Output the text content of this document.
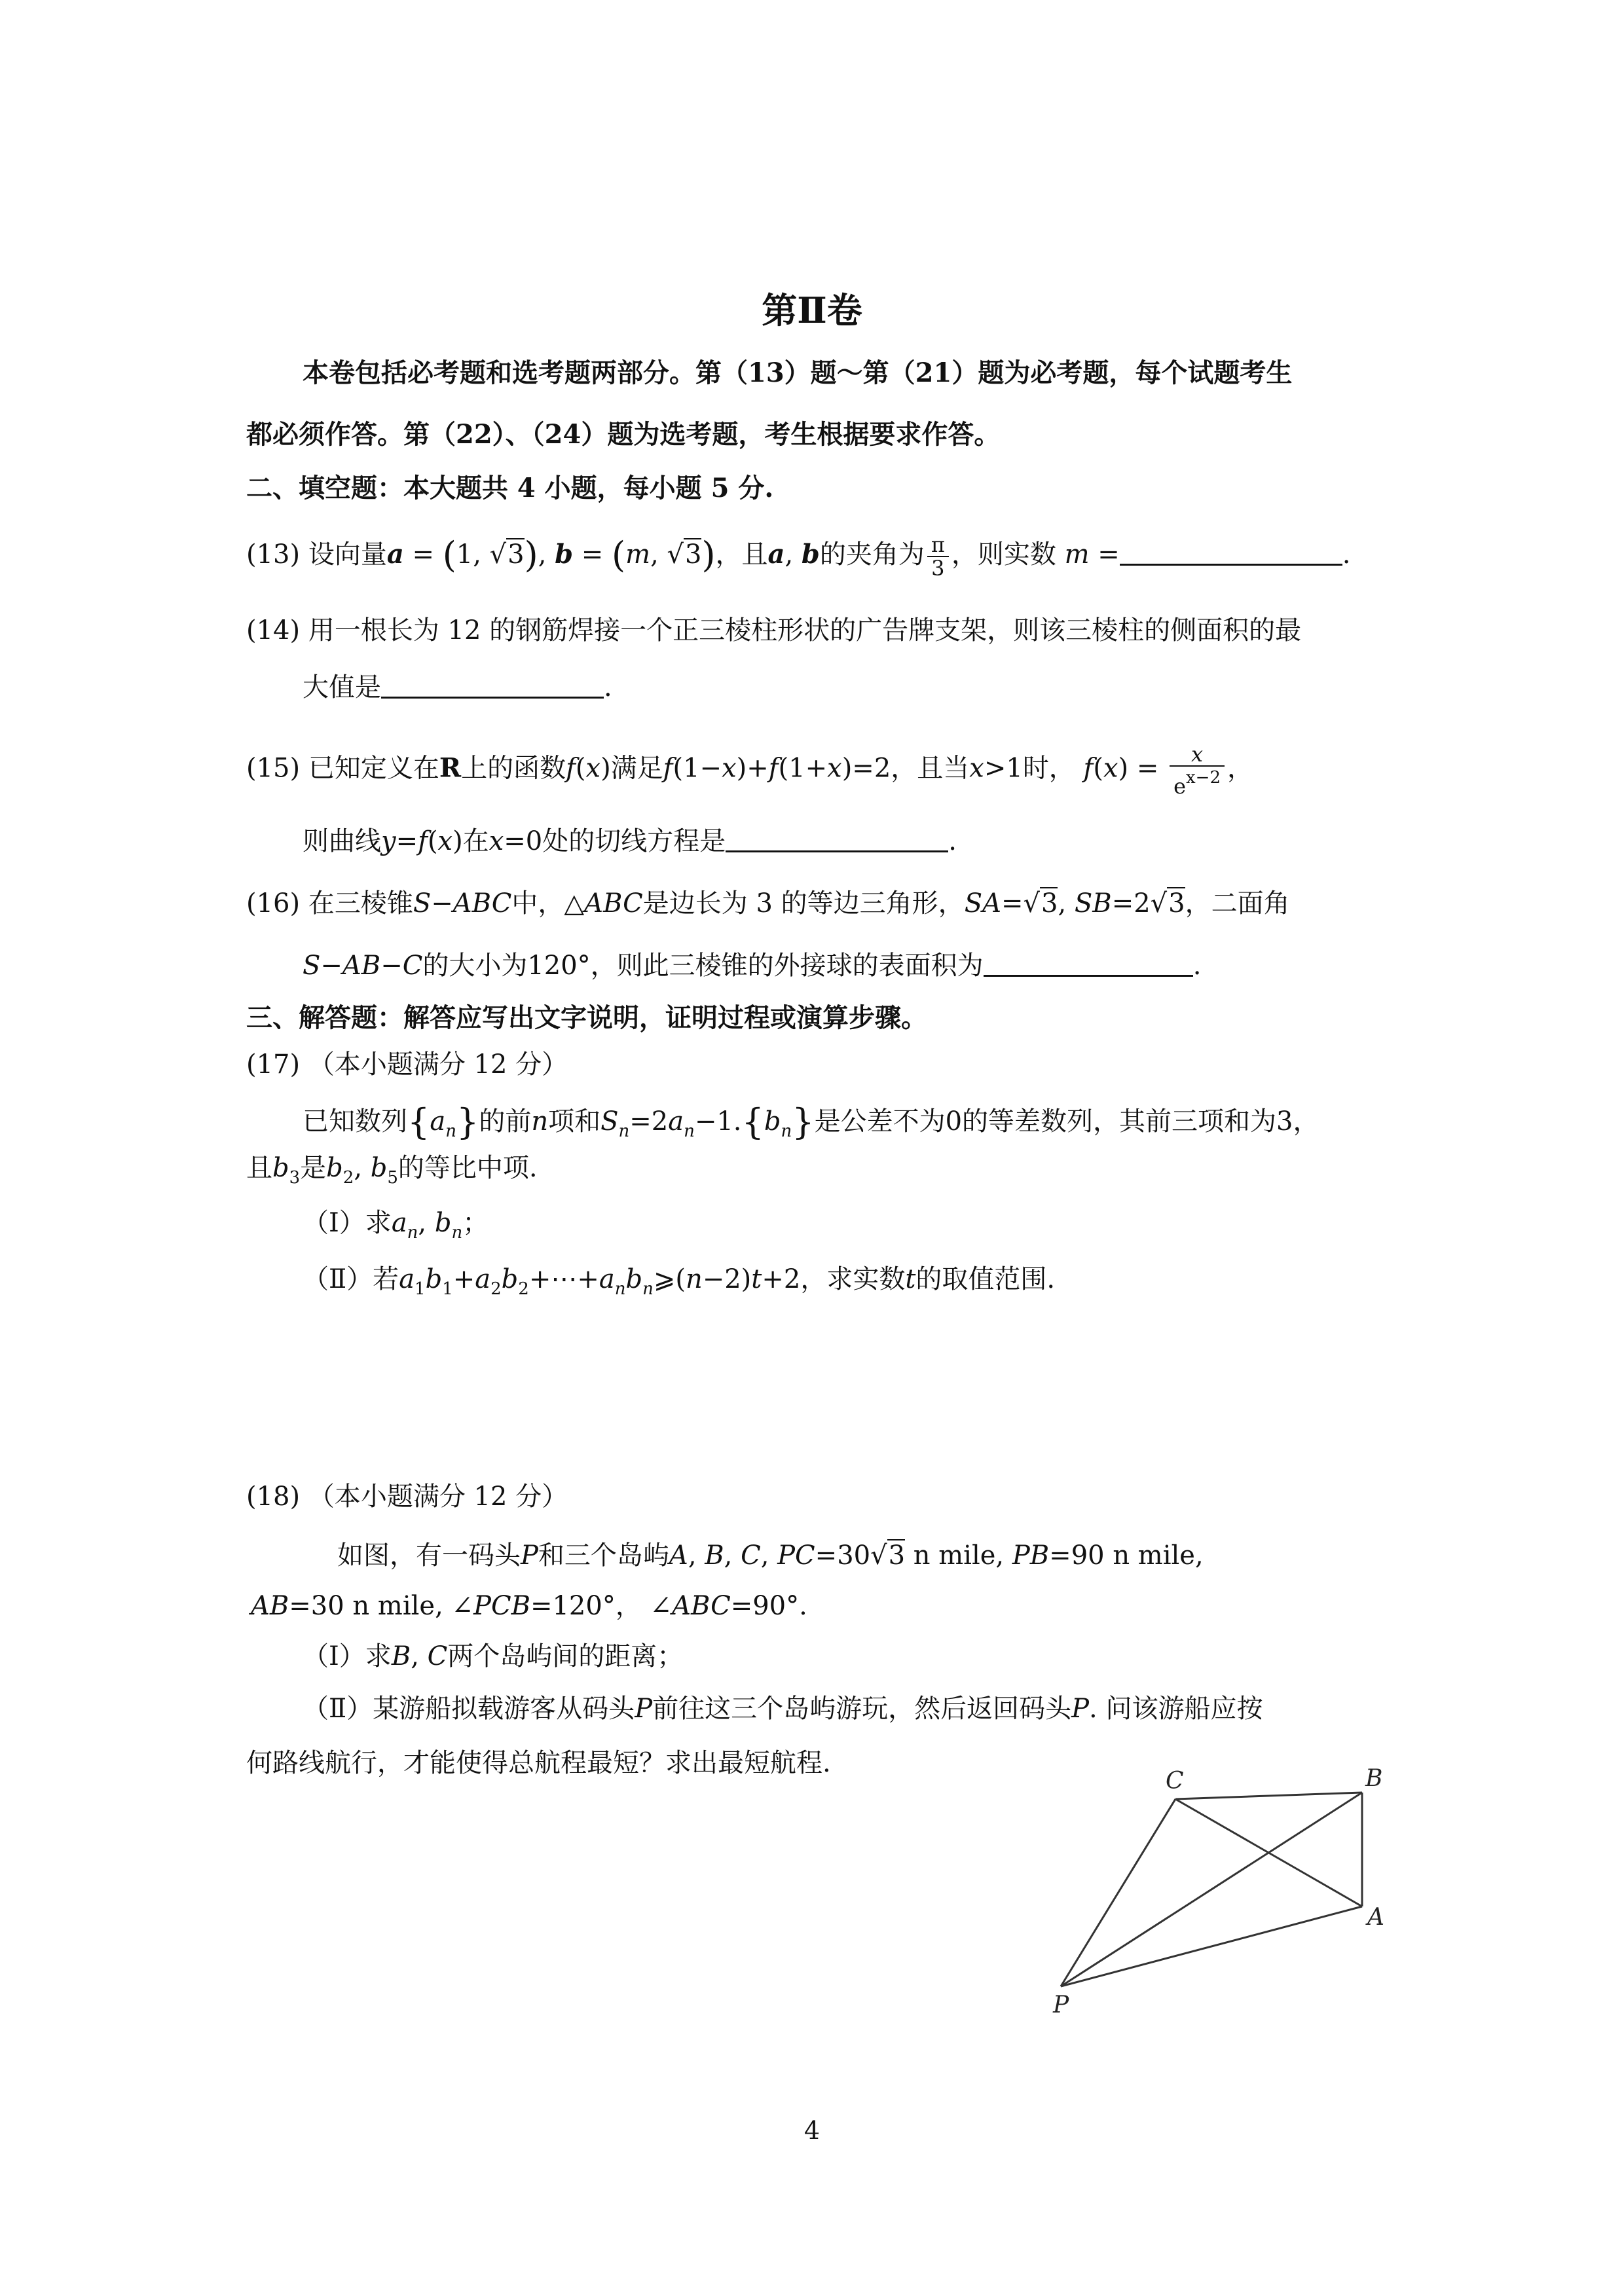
第Ⅱ卷
本卷包括必考题和选考题两部分。第（13）题～第（21）题为必考题，每个试题考生
都必须作答。第（22）、（24）题为选考题，考生根据要求作答。
二、填空题：本大题共 4 小题，每小题 5 分.
(13) 设向量a = (1, √3), b = (m, √3)，且a, b的夹角为 $\frac{\pi}{3}$ ，则实数 m =	.
(14) 用一根长为 12 的钢筋焊接一个正三棱柱形状的广告牌支架，则该三棱柱的侧面积的最
大值是	.
(15) 已知定义在R上的函数f(x)满足f(1−x)+f(1+x)=2，且当x>1时， $f(x) = \frac{x}{e^{x-2}}$ ，
则曲线y=f(x)在x=0处的切线方程是	.
(16) 在三棱锥S−ABC中，△ABC是边长为 3 的等边三角形，SA=√3, SB=2√3，二面角
S−AB−C的大小为120°，则此三棱锥的外接球的表面积为	.
三、解答题：解答应写出文字说明，证明过程或演算步骤。
(17) （本小题满分 12 分）
已知数列$\{a_n\}$的前n项和$S_n=2a_n-1.\{b_n\}$是公差不为0的等差数列，其前三项和为3，
且$b_3$是$b_2$, $b_5$的等比中项.
（Ⅰ）求$a_n$, $b_n$；
（Ⅱ）若$a_1b_1+a_2b_2+\cdots+a_nb_n⩾(n-2)t+2$，求实数t的取值范围.
(18) （本小题满分 12 分）
如图，有一码头P和三个岛屿A, B, C, PC=30√3 n mile, PB=90 n mile,
AB=30 n mile, ∠PCB=120°， ∠ABC=90°.
（Ⅰ）求B, C两个岛屿间的距离；
（Ⅱ）某游船拟载游客从码头P前往这三个岛屿游玩，然后返回码头P. 问该游船应按
何路线航行，才能使得总航程最短？求出最短航程.
C	B
A
P
4
